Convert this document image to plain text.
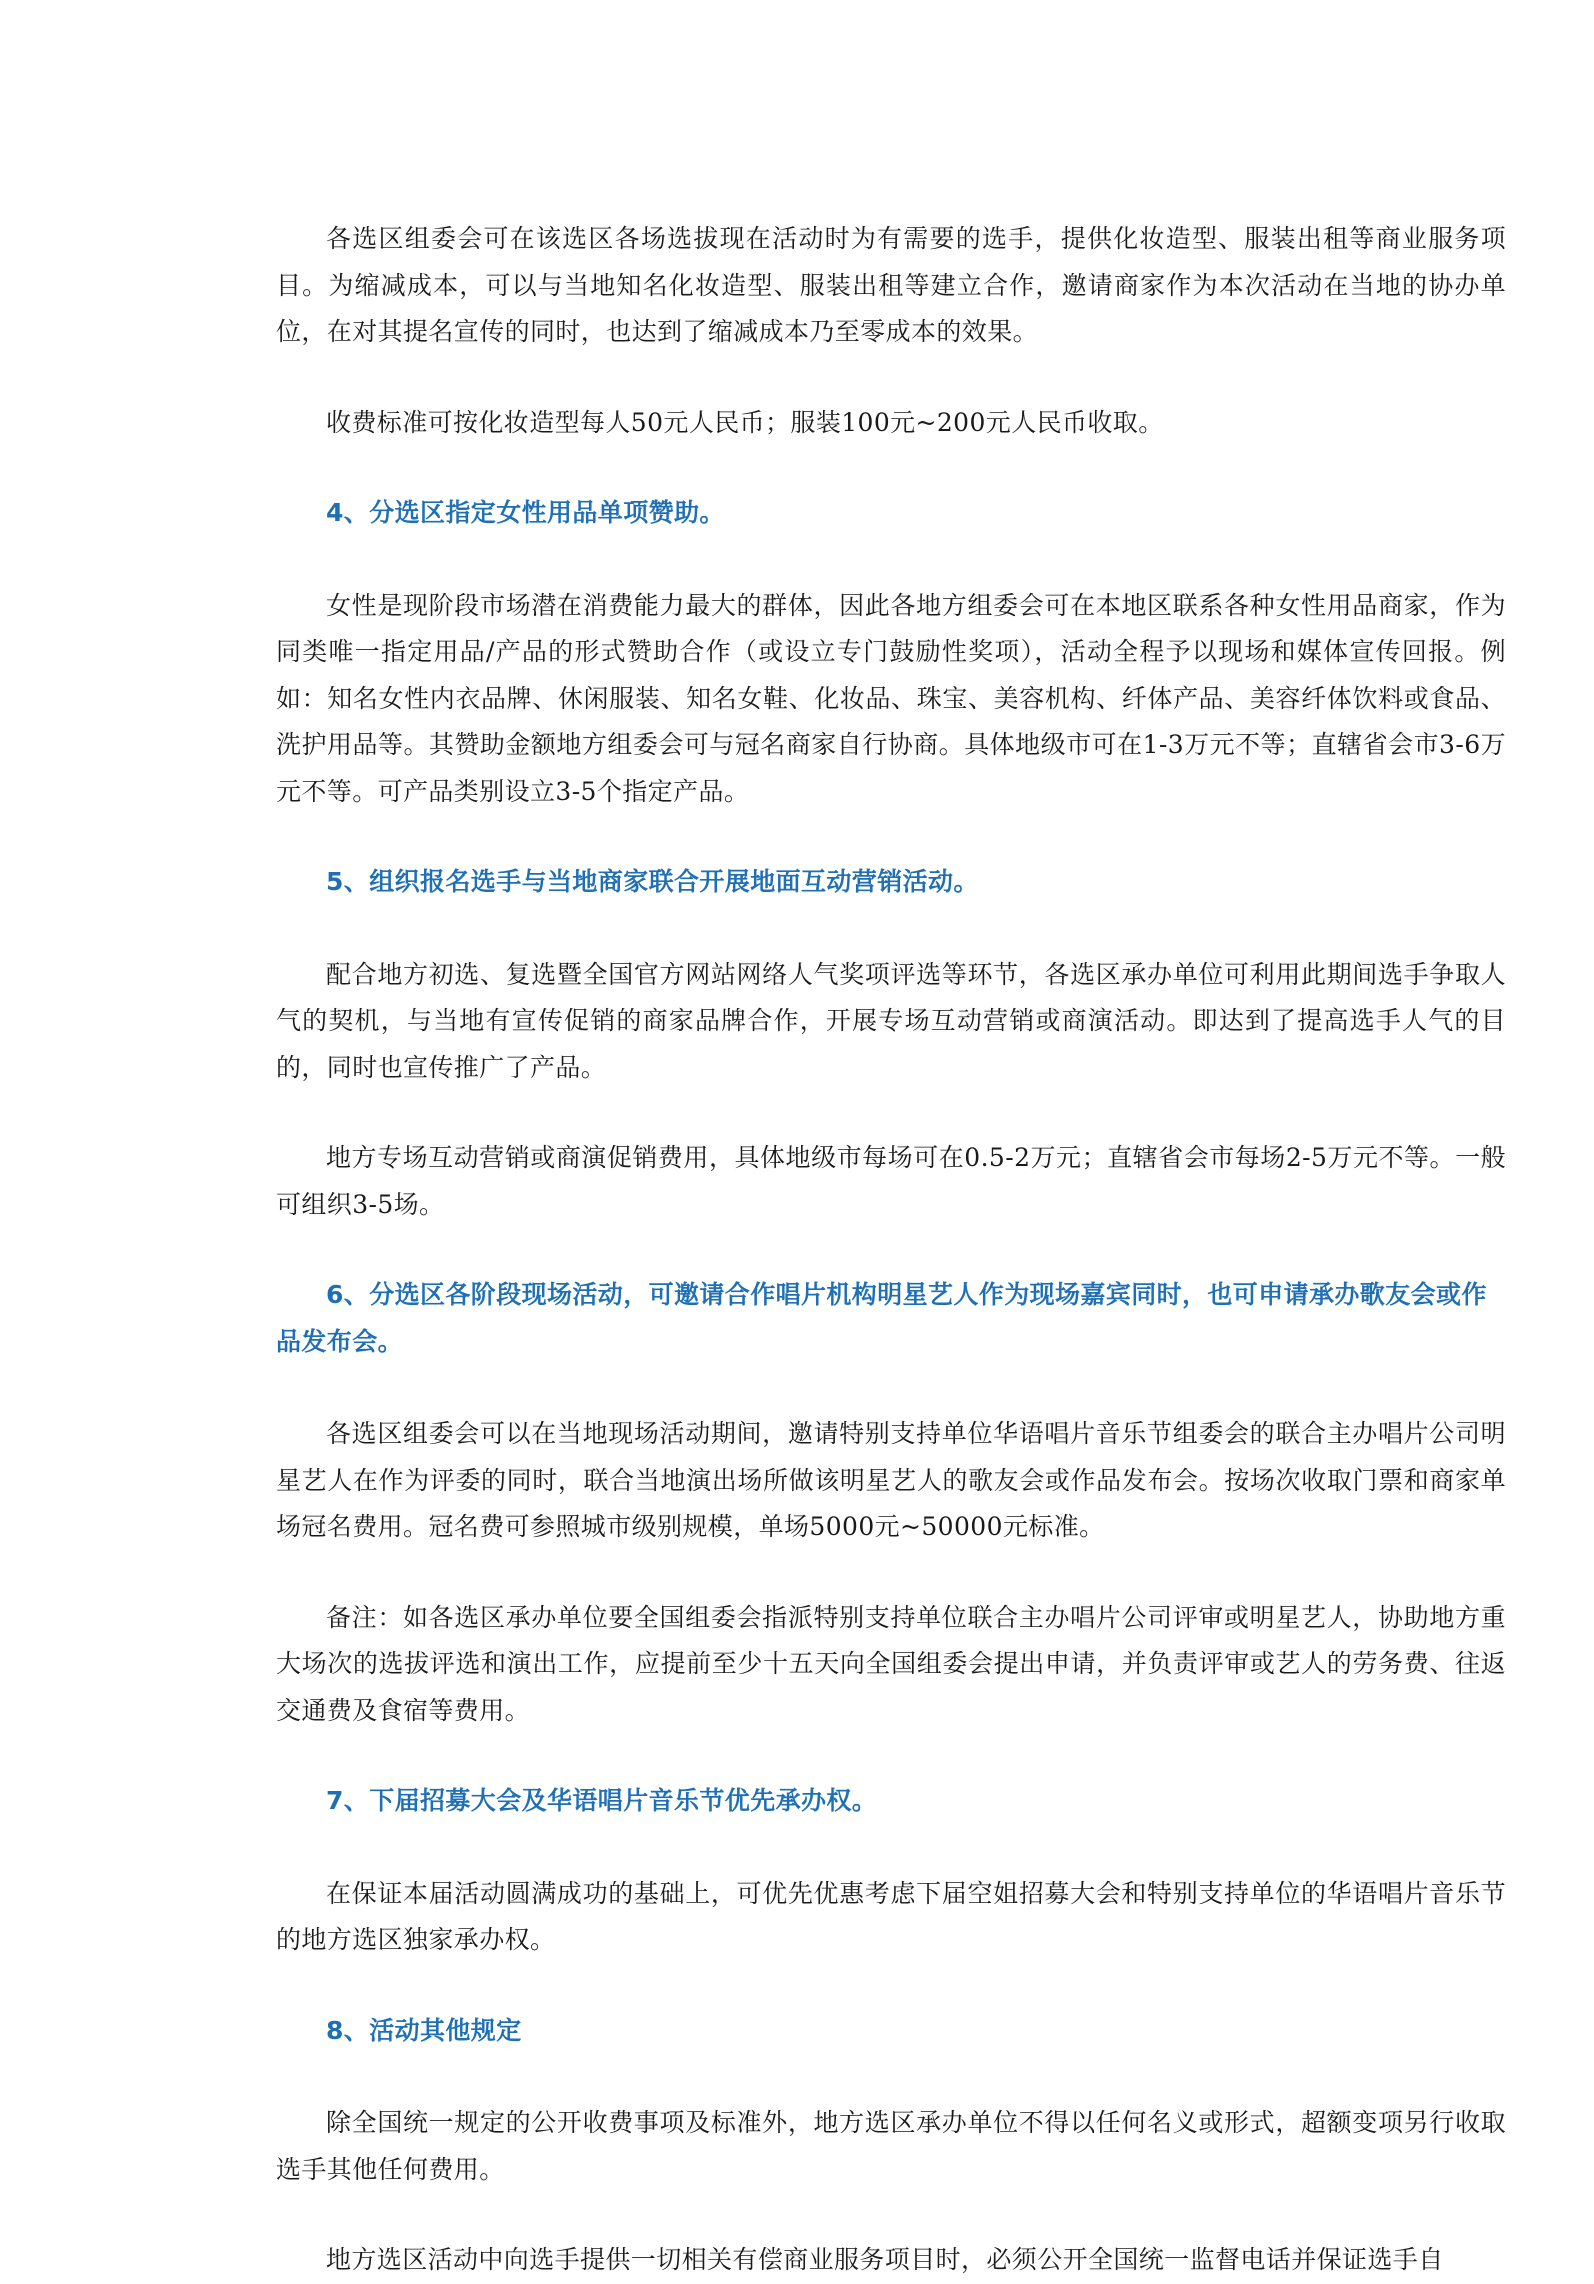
各选区组委会可在该选区各场选拔现在活动时为有需要的选手，提供化妆造型、服装出租等商业服务项目。为缩减成本，可以与当地知名化妆造型、服装出租等建立合作，邀请商家作为本次活动在当地的协办单位，在对其提名宣传的同时，也达到了缩减成本乃至零成本的效果。

收费标准可按化妆造型每人50元人民币；服装100元~200元人民币收取。

4、分选区指定女性用品单项赞助。

女性是现阶段市场潜在消费能力最大的群体，因此各地方组委会可在本地区联系各种女性用品商家，作为同类唯一指定用品/产品的形式赞助合作（或设立专门鼓励性奖项），活动全程予以现场和媒体宣传回报。例如：知名女性内衣品牌、休闲服装、知名女鞋、化妆品、珠宝、美容机构、纤体产品、美容纤体饮料或食品、洗护用品等。其赞助金额地方组委会可与冠名商家自行协商。具体地级市可在1-3万元不等；直辖省会市3-6万元不等。可产品类别设立3-5个指定产品。

5、组织报名选手与当地商家联合开展地面互动营销活动。

配合地方初选、复选暨全国官方网站网络人气奖项评选等环节，各选区承办单位可利用此期间选手争取人气的契机，与当地有宣传促销的商家品牌合作，开展专场互动营销或商演活动。即达到了提高选手人气的目的，同时也宣传推广了产品。

地方专场互动营销或商演促销费用，具体地级市每场可在0.5-2万元；直辖省会市每场2-5万元不等。一般可组织3-5场。

6、分选区各阶段现场活动，可邀请合作唱片机构明星艺人作为现场嘉宾同时，也可申请承办歌友会或作品发布会。

各选区组委会可以在当地现场活动期间，邀请特别支持单位华语唱片音乐节组委会的联合主办唱片公司明星艺人在作为评委的同时，联合当地演出场所做该明星艺人的歌友会或作品发布会。按场次收取门票和商家单场冠名费用。冠名费可参照城市级别规模，单场5000元~50000元标准。

备注：如各选区承办单位要全国组委会指派特别支持单位联合主办唱片公司评审或明星艺人，协助地方重大场次的选拔评选和演出工作，应提前至少十五天向全国组委会提出申请，并负责评审或艺人的劳务费、往返交通费及食宿等费用。

7、下届招募大会及华语唱片音乐节优先承办权。

在保证本届活动圆满成功的基础上，可优先优惠考虑下届空姐招募大会和特别支持单位的华语唱片音乐节的地方选区独家承办权。

8、活动其他规定

除全国统一规定的公开收费事项及标准外，地方选区承办单位不得以任何名义或形式，超额变项另行收取选手其他任何费用。

地方选区活动中向选手提供一切相关有偿商业服务项目时，必须公开全国统一监督电话并保证选手自
